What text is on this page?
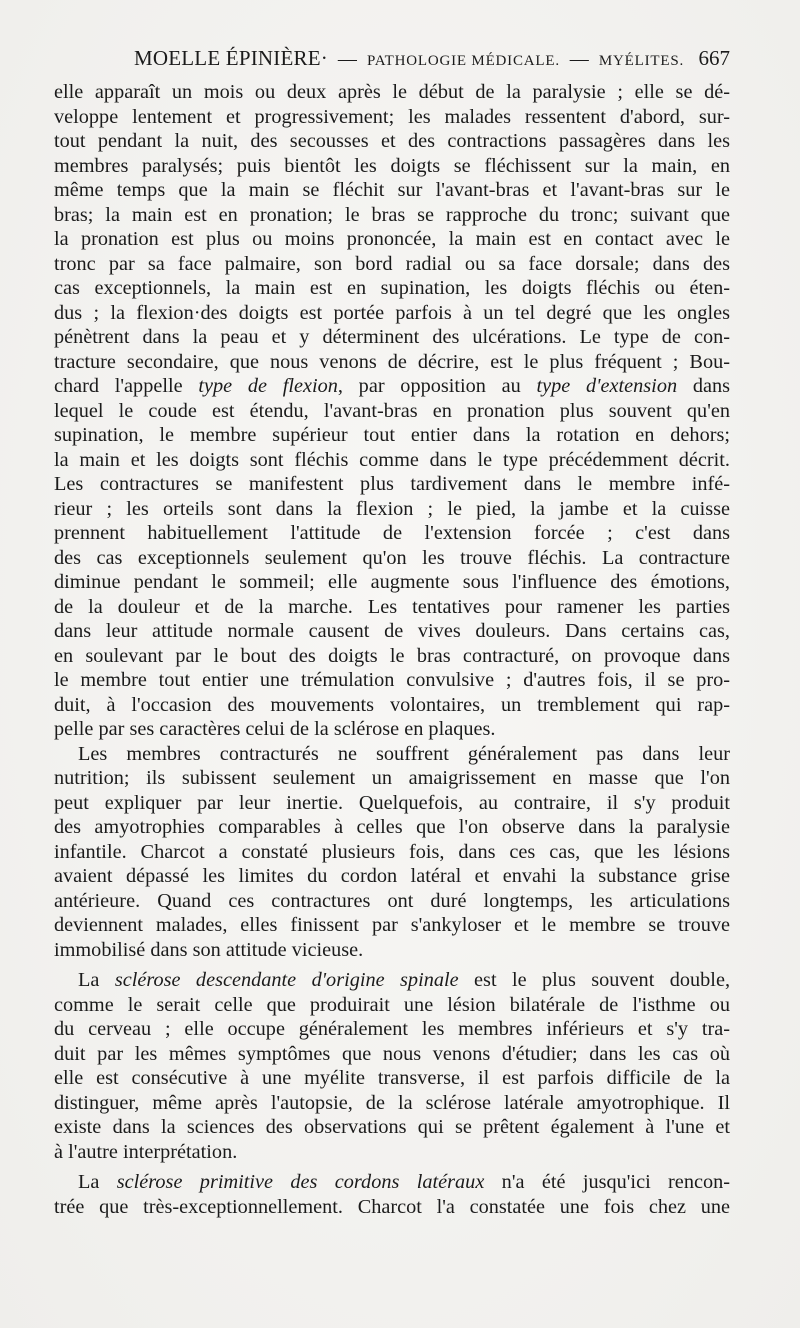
MOELLE ÉPINIÈRE· — PATHOLOGIE MÉDICALE. — MYÉLITES. 667
elle apparaît un mois ou deux après le début de la paralysie ; elle se dé-
veloppe lentement et progressivement; les malades ressentent d'abord, sur-
tout pendant la nuit, des secousses et des contractions passagères dans les
membres paralysés; puis bientôt les doigts se fléchissent sur la main, en
même temps que la main se fléchit sur l'avant-bras et l'avant-bras sur le
bras; la main est en pronation; le bras se rapproche du tronc; suivant que
la pronation est plus ou moins prononcée, la main est en contact avec le
tronc par sa face palmaire, son bord radial ou sa face dorsale; dans des
cas exceptionnels, la main est en supination, les doigts fléchis ou éten-
dus ; la flexion·des doigts est portée parfois à un tel degré que les ongles
pénètrent dans la peau et y déterminent des ulcérations. Le type de con-
tracture secondaire, que nous venons de décrire, est le plus fréquent ; Bou-
chard l'appelle type de flexion, par opposition au type d'extension dans
lequel le coude est étendu, l'avant-bras en pronation plus souvent qu'en
supination, le membre supérieur tout entier dans la rotation en dehors;
la main et les doigts sont fléchis comme dans le type précédemment décrit.
Les contractures se manifestent plus tardivement dans le membre infé-
rieur ; les orteils sont dans la flexion ; le pied, la jambe et la cuisse
prennent habituellement l'attitude de l'extension forcée ; c'est dans
des cas exceptionnels seulement qu'on les trouve fléchis. La contracture
diminue pendant le sommeil; elle augmente sous l'influence des émotions,
de la douleur et de la marche. Les tentatives pour ramener les parties
dans leur attitude normale causent de vives douleurs. Dans certains cas,
en soulevant par le bout des doigts le bras contracturé, on provoque dans
le membre tout entier une trémulation convulsive ; d'autres fois, il se pro-
duit, à l'occasion des mouvements volontaires, un tremblement qui rap-
pelle par ses caractères celui de la sclérose en plaques.
Les membres contracturés ne souffrent généralement pas dans leur
nutrition; ils subissent seulement un amaigrissement en masse que l'on
peut expliquer par leur inertie. Quelquefois, au contraire, il s'y produit
des amyotrophies comparables à celles que l'on observe dans la paralysie
infantile. Charcot a constaté plusieurs fois, dans ces cas, que les lésions
avaient dépassé les limites du cordon latéral et envahi la substance grise
antérieure. Quand ces contractures ont duré longtemps, les articulations
deviennent malades, elles finissent par s'ankyloser et le membre se trouve
immobilisé dans son attitude vicieuse.
La sclérose descendante d'origine spinale est le plus souvent double,
comme le serait celle que produirait une lésion bilatérale de l'isthme ou
du cerveau ; elle occupe généralement les membres inférieurs et s'y tra-
duit par les mêmes symptômes que nous venons d'étudier; dans les cas où
elle est consécutive à une myélite transverse, il est parfois difficile de la
distinguer, même après l'autopsie, de la sclérose latérale amyotrophique. Il
existe dans la sciences des observations qui se prêtent également à l'une et
à l'autre interprétation.
La sclérose primitive des cordons latéraux n'a été jusqu'ici rencon-
trée que très-exceptionnellement. Charcot l'a constatée une fois chez une
